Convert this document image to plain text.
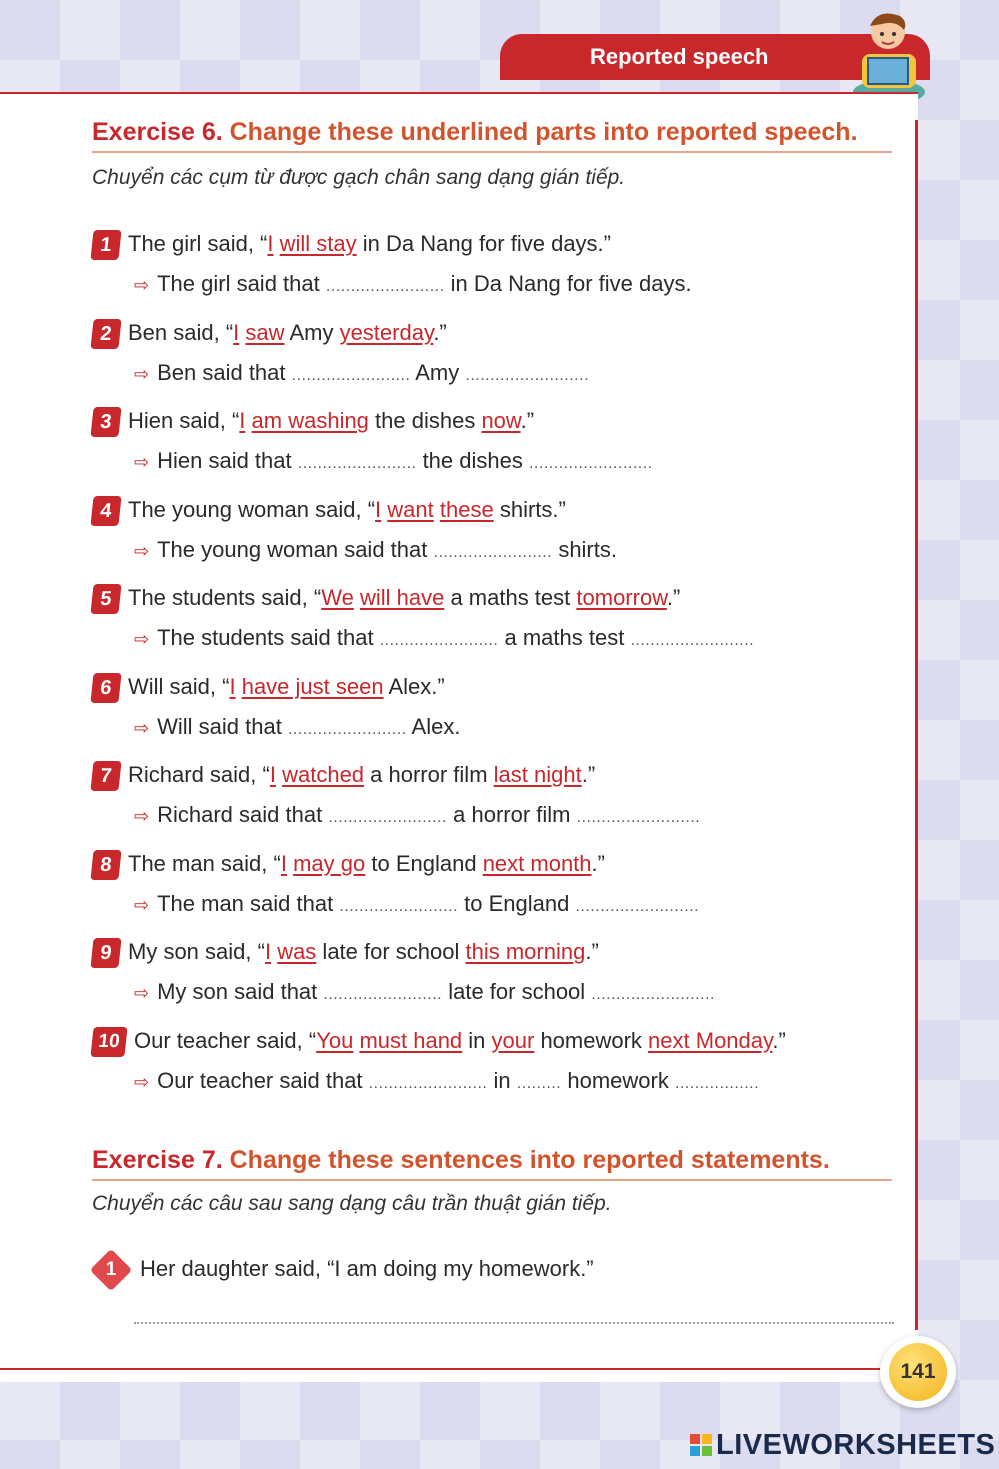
Reported speech
Exercise 6. Change these underlined parts into reported speech.
Chuyển các cụm từ được gạch chân sang dạng gián tiếp.
1 The girl said, “I will stay in Da Nang for five days.”
⇨ The girl said that ........................ in Da Nang for five days.
2 Ben said, “I saw Amy yesterday.”
⇨ Ben said that ........................ Amy .........................
3 Hien said, “I am washing the dishes now.”
⇨ Hien said that ........................ the dishes .........................
4 The young woman said, “I want these shirts.”
⇨ The young woman said that ........................ shirts.
5 The students said, “We will have a maths test tomorrow.”
⇨ The students said that ........................ a maths test .........................
6 Will said, “I have just seen Alex.”
⇨ Will said that ........................ Alex.
7 Richard said, “I watched a horror film last night.”
⇨ Richard said that ........................ a horror film .........................
8 The man said, “I may go to England next month.”
⇨ The man said that ........................ to England .........................
9 My son said, “I was late for school this morning.”
⇨ My son said that ........................ late for school .........................
10 Our teacher said, “You must hand in your homework next Monday.”
⇨ Our teacher said that ........................ in ......... homework .................
Exercise 7. Change these sentences into reported statements.
Chuyển các câu sau sang dạng câu trần thuật gián tiếp.
1	Her daughter said, “I am doing my homework.”
141
LIVEWORKSHEETS
